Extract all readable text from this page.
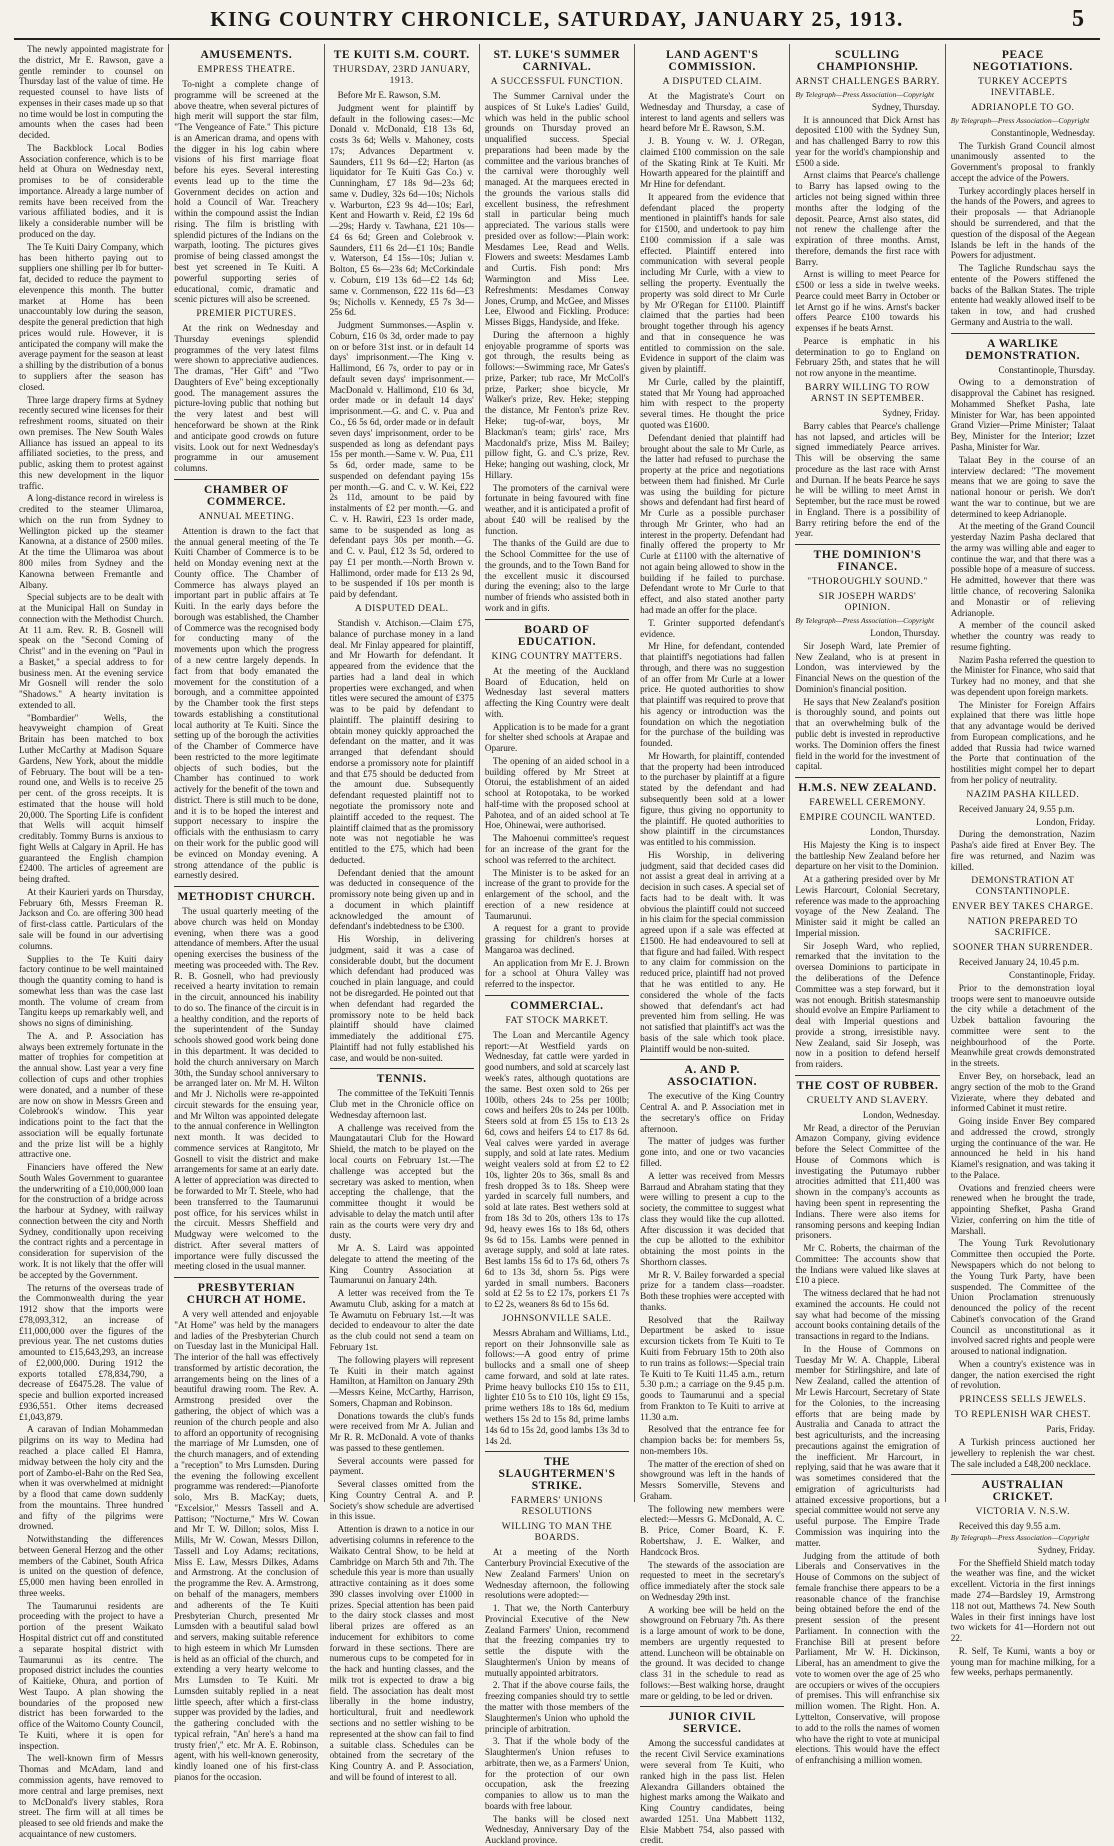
KING COUNTRY CHRONICLE, SATURDAY, JANUARY 25, 1913.	5

The newly appointed magistrate for the district, Mr E. Rawson, gave a gentle reminder to counsel on Thursday last of the value of time. He requested counsel to have lists of expenses in their cases made up so that no time would be lost in computing the amounts when the cases had been decided.

The Backblock Local Bodies Association conference, which is to be held at Ohura on Wednesday next, promises to be of considerable importance. Already a large number of remits have been received from the various affiliated bodies, and it is likely a considerable number will be produced on the day.

The Te Kuiti Dairy Company, which has been hitherto paying out to suppliers one shilling per lb for butter-fat, decided to reduce the payment to elevenpence this month. The butter market at Home has been unaccountably low during the season, despite the general prediction that high prices would rule. However, it is anticipated the company will make the average payment for the season at least a shilling by the distribution of a bonus to suppliers after the season has closed.

Three large drapery firms at Sydney recently secured wine licenses for their refreshment rooms, situated on their own premises. The New South Wales Alliance has issued an appeal to its affiliated societies, to the press, and public, asking them to protest against this new development in the liquor traffic.

A long-distance record in wireless is credited to the steamer Ulimaroa, which on the run from Sydney to Wellington picked up the steamer Kanowna, at a distance of 2500 miles. At the time the Ulimaroa was about 800 miles from Sydney and the Kanowna between Fremantle and Albany.

Special subjects are to be dealt with at the Municipal Hall on Sunday in connection with the Methodist Church. At 11 a.m. Rev. R. B. Gosnell will speak on the "Second Coming of Christ" and in the evening on "Paul in a Basket," a special address to for business men. At the evening service Mr Gosnell will render the solo "Shadows." A hearty invitation is extended to all.

"Bombardier" Wells, the heavyweight champion of Great Britain has been matched to box Luther McCarthy at Madison Square Gardens, New York, about the middle of February. The bout will be a ten-round one, and Wells is to receive 25 per cent. of the gross receipts. It is estimated that the house will hold 20,000. The Sporting Life is confident that Wells will acquit himself creditably. Tommy Burns is anxious to fight Wells at Calgary in April. He has guaranteed the English champion £2400. The articles of agreement are being drafted.

At their Kaurieri yards on Thursday, February 6th, Messrs Freeman R. Jackson and Co. are offering 300 head of first-class cattle. Particulars of the sale will be found in our advertising columns.

Supplies to the Te Kuiti dairy factory continue to be well maintained though the quantity coming to hand is somewhat less than was the case last month. The volume of cream from Tangitu keeps up remarkably well, and shows no signs of diminishing.

The A. and P. Association has always been extremely fortunate in the matter of trophies for competition at the annual show. Last year a very fine collection of cups and other trophies were donated, and a number of these are now on show in Messrs Green and Colebrook's window. This year indications point to the fact that the association will be equally fortunate and the prize list will be a highly attractive one.

Financiers have offered the New South Wales Government to guarantee the underwriting of a £10,000,000 loan for the construction of a bridge across the harbour at Sydney, with railway connection between the city and North Sydney, conditionally upon receiving the contract rights and a percentage in consideration for supervision of the work. It is not likely that the offer will be accepted by the Government.

The returns of the overseas trade of the Commonwealth during the year 1912 show that the imports were £78,093,312, an increase of £11,000,000 over the figures of the previous year. The net customs duties amounted to £15,643,293, an increase of £2,000,000. During 1912 the exports totalled £78,834,790, a decrease of £6475.28. The value of specie and bullion exported increased £936,551. Other items decreased £1,043,879.

A caravan of Indian Mohammedan pilgrims on its way to Medina had reached a place called El Hamra, midway between the holy city and the port of Zambo-el-Bahr on the Red Sea, when it was overwhelmed at midnight by a flood that came down suddenly from the mountains. Three hundred and fifty of the pilgrims were drowned.

Notwithstanding the differences between General Herzog and the other members of the Cabinet, South Africa is united on the question of defence, £5,000 men having been enrolled in three weeks.

The Taumarunui residents are proceeding with the project to have a portion of the present Waikato Hospital district cut off and constituted a separate hospital district with Taumarunui as its centre. The proposed district includes the counties of Kaitieke, Ohura, and portion of West Taupo. A plan showing the boundaries of the proposed new district has been forwarded to the office of the Waitomo County Council, Te Kuiti, where it is open for inspection.

The well-known firm of Messrs Thomas and McAdam, land and commission agents, have removed to more central and large premises, next to McDonald's livery stables, Rora street. The firm will at all times be pleased to see old friends and make the acquaintance of new customers.

AMUSEMENTS.
EMPRESS THEATRE.

To-night a complete change of programme will be screened at the above theatre, when several pictures of high merit will support the star film, "The Vengeance of Fate." This picture is an American drama, and opens with the digger in his log cabin where visions of his first marriage float before his eyes. Several interesting events lead up to the time the Government decides on action and hold a Council of War. Treachery within the compound assist the Indian rising. The film is bristling with splendid pictures of the Indians on the warpath, looting. The pictures gives promise of being classed amongst the best yet screened in Te Kuiti. A powerful supporting series of educational, comic, dramatic and scenic pictures will also be screened.

PREMIER PICTURES.

At the rink on Wednesday and Thursday evenings splendid programmes of the very latest films were shown to appreciative audiences. The dramas, "Her Gift" and "Two Daughters of Eve" being exceptionally good. The management assures the picture-loving public that nothing but the very latest and best will henceforward be shown at the Rink and anticipate good crowds on future visits. Look out for next Wednesday's programme in our amusement columns.

CHAMBER OF COMMERCE.
ANNUAL MEETING.

Attention is drawn to the fact that the annual general meeting of the Te Kuiti Chamber of Commerce is to be held on Monday evening next at the County office. The Chamber of Commerce has always played an important part in public affairs at Te Kuiti. In the early days before the borough was established, the Chamber of Commerce was the recognised body for conducting many of the movements upon which the progress of a new centre largely depends. In fact from that body emanated the movement for the constitution of a borough, and a committee appointed by the Chamber took the first steps towards establishing a constitutional local authority at Te Kuiti. Since the setting up of the borough the activities of the Chamber of Commerce have been restricted to the more legitimate objects of such bodies, but the Chamber has continued to work actively for the benefit of the town and district. There is still much to be done, and it is to be hoped the interest and support necessary to inspire the officials with the enthusiasm to carry on their work for the public good will be evinced on Monday evening. A strong attendance of the public is earnestly desired.

METHODIST CHURCH.

The usual quarterly meeting of the above church was held on Monday evening, when there was a good attendance of members. After the usual opening exercises the business of the meeting was proceeded with. The Rev. R. B. Gosnell, who had previously received a hearty invitation to remain in the circuit, announced his inability to do so. The finance of the circuit is in a healthy condition, and the reports of the superintendent of the Sunday schools showed good work being done in this department. It was decided to hold the church anniversary on March 30th, the Sunday school anniversary to be arranged later on. Mr M. H. Wilton and Mr J. Nicholls were re-appointed circuit stewards for the ensuing year, and Mr Wilton was appointed delegate to the annual conference in Wellington next month. It was decided to commence services at Rangitoto, Mr Gosnell to visit the district and make arrangements for same at an early date. A letter of appreciation was directed to be forwarded to Mr T. Steele, who had been transferred to the Taumarunui post office, for his services whilst in the circuit. Messrs Sheffield and Mudgway were welcomed to the district. After several matters of importance were fully discussed the meeting closed in the usual manner.

PRESBYTERIAN CHURCH AT HOME.

A very well attended and enjoyable "At Home" was held by the managers and ladies of the Presbyterian Church on Tuesday last in the Municipal Hall. The interior of the hall was effectively transformed by artistic decoration, the arrangements being on the lines of a beautiful drawing room. The Rev. A. Armstrong presided over the gathering, the object of which was a reunion of the church people and also to afford an opportunity of recognising the marriage of Mr Lumsden, one of the church managers, and of extending a "reception" to Mrs Lumsden. During the evening the following excellent programme was rendered:—Pianoforte solo, Mrs B. MacKay; duets, "Excelsior," Messrs Tassell and A. Pattison; "Nocturne," Mrs W. Cowan and Mr T. W. Dillon; solos, Miss I. Mills, Mr W. Cowan, Messrs Dillon, Tassell and Loy Adams; recitations, Miss E. Law, Messrs Dilkes, Adams and Armstrong. At the conclusion of the programme the Rev. A. Armstrong, on behalf of the managers, members and adherents of the Te Kuiti Presbyterian Church, presented Mr Lumsden with a beautiful salad bowl and servers, making suitable reference to high esteem in which Mr Lumsden is held as an official of the church, and extending a very hearty welcome to Mrs Lumsden to Te Kuiti. Mr Lumsden suitably replied in a neat little speech, after which a first-class supper was provided by the ladies, and the gathering concluded with the typical refrain, "An' here's a hand ma trusty frien'," etc. Mr A. E. Robinson, agent, with his well-known generosity, kindly loaned one of his first-class pianos for the occasion.

TE KUITI S.M. COURT.
THURSDAY, 23RD JANUARY, 1913.

Before Mr E. Rawson, S.M.

Judgment went for plaintiff by default in the following cases:—Mc Donald v. McDonald, £18 13s 6d, costs 3s 6d; Wells v. Mahoney, costs 17s; Advances Department v. Saunders, £11 9s 6d—£2; Harton (as liquidator for Te Kuiti Gas Co.) v. Cunningham, £7 18s 9d—23s 6d; same v. Dudley, 32s 6d—10s; Nichols v. Warburton, £23 9s 4d—10s; Earl, Kent and Howarth v. Reid, £2 19s 6d—29s; Hardy v. Tawhana, £21 10s—£4 6s 6d; Green and Colebrook v. Saunders, £11 6s 2d—£1 10s; Bandle v. Waterson, £4 15s—10s; Julian v. Bolton, £5 6s—23s 6d; McCorkindale v. Coburn, £19 13s 6d—£2 14s 6d; same v. Cornmenson, £22 11s 6d—£3 9s; Nicholls v. Kennedy, £5 7s 3d—25s 6d.

Judgment Summonses.—Asplin v. Coburn, £16 0s 3d, order made to pay on or before 31st inst. or in default 14 days' imprisonment.—The King v. Hallimond, £6 7s, order to pay or in default seven days' imprisonment.—MacDonald v. Hallimond, £10 6s 3d, order made or in default 14 days' imprisonment.—G. and C. v. Pua and Co., £6 5s 6d, order made or in default seven days' imprisonment, order to be suspended as long as defendant pays 15s per month.—Same v. W. Pua, £11 5s 6d, order made, same to be suspended on defendant paying 15s per month.—G. and C. v. W. Kei, £22 2s 11d, amount to be paid by instalments of £2 per month.—G. and C. v. H. Rawiri, £23 1s order made, same to be suspended as long as defendant pays 30s per month.—G. and C. v. Paul, £12 3s 5d, ordered to pay £1 per month.—North Brown v. Hallimond, order made for £13 2s 9d, to be suspended if 10s per month is paid by defendant.

A DISPUTED DEAL.

Standish v. Atchison.—Claim £75, balance of purchase money in a land deal. Mr Finlay appeared for plaintiff, and Mr Howarth for defendant. It appeared from the evidence that the parties had a land deal in which properties were exchanged, and when titles were secured the amount of £375 was to be paid by defendant to plaintiff. The plaintiff desiring to obtain money quickly approached the defendant on the matter, and it was arranged that defendant should endorse a promissory note for plaintiff and that £75 should be deducted from the amount due. Subsequently defendant requested plaintiff not to negotiate the promissory note and plaintiff acceded to the request. The plaintiff claimed that as the promissory note was not negotiable he was entitled to the £75, which had been deducted.

Defendant denied that the amount was deducted in consequence of the promissory note being given up and in a document in which plaintiff acknowledged the amount of defendant's indebtedness to be £300.

His Worship, in delivering judgment, said it was a case of considerable doubt, but the document which defendant had produced was couched in plain language, and could not be disregarded. He pointed out that when defendant had regarded the promissory note to be held back plaintiff should have claimed immediately the additional £75. Plaintiff had not fully established his case, and would be non-suited.

TENNIS.

The committee of the TeKuiti Tennis Club met in the Chronicle office on Wednesday afternoon last.

A challenge was received from the Maungatautari Club for the Howard Shield, the match to be played on the local courts on February 1st.—The challenge was accepted but the secretary was asked to mention, when accepting the challenge, that the committee thought it would be advisable to delay the match until after rain as the courts were very dry and dusty.

Mr A. S. Laird was appointed delegate to attend the meeting of the King Country Association at Taumarunui on January 24th.

A letter was received from the Te Awamutu Club, asking for a match at Te Awamutu on February 1st.—It was decided to endeavour to alter the date as the club could not send a team on February 1st.

The following players will represent Te Kuiti in their match against Hamilton, at Hamilton on January 29th—Messrs Keine, McCarthy, Harrison, Somers, Chapman and Robinson.

Donations towards the club's funds were received from Mr A. Julian and Mr R. R. McDonald. A vote of thanks was passed to these gentlemen.

Several accounts were passed for payment.

Several classes omitted from the King Country Central A. and P. Society's show schedule are advertised in this issue.

Attention is drawn to a notice in our advertising columns in reference to the Waikato Central Show, to be held at Cambridge on March 5th and 7th. The schedule this year is more than usually attractive containing as it does some 390 classes involving over £1000 in prizes. Special attention has been paid to the dairy stock classes and most liberal prizes are offered as an inducement for exhibitors to come forward in these sections. There are numerous cups to be competed for in the hack and hunting classes, and the milk trot is expected to draw a big field. The association has dealt most liberally in the home industry, horticultural, fruit and needlework sections and no settler wishing to be represented at the show can fail to find a suitable class. Schedules can be obtained from the secretary of the King Country A. and P. Association, and will be found of interest to all.

ST. LUKE'S SUMMER CARNIVAL.
A SUCCESSFUL FUNCTION.

The Summer Carnival under the auspices of St Luke's Ladies' Guild, which was held in the public school grounds on Thursday proved an unqualified success. Special preparations had been made by the committee and the various branches of the carnival were thoroughly well managed. At the marquees erected in the grounds the various stalls did excellent business, the refreshment stall in particular being much appreciated. The various stalls were presided over as follow:—Plain work: Mesdames Lee, Read and Wells. Flowers and sweets: Mesdames Lamb and Curtis. Fish pond: Mrs Warmington and Miss Lee. Refreshments: Mesdames Conway Jones, Crump, and McGee, and Misses Lee, Elwood and Fickling. Produce: Misses Biggs, Handyside, and Ifeke.

During the afternoon a highly enjoyable programme of sports was got through, the results being as follows:—Swimming race, Mr Gates's prize, Parker; tub race, Mr McColl's prize, Parker; shoe bicycle, Mr Walker's prize, Rev. Heke; stepping the distance, Mr Fenton's prize Rev. Heke; tug-of-war, boys, Mr Blackman's team; girls' race, Mrs Macdonald's prize, Miss M. Bailey; pillow fight, G. and C.'s prize, Rev. Heke; hanging out washing, clock, Mr Hillary.

The promoters of the carnival were fortunate in being favoured with fine weather, and it is anticipated a profit of about £40 will be realised by the function.

The thanks of the Guild are due to the School Committee for the use of the grounds, and to the Town Band for the excellent music it discoursed during the evening; also to the large number of friends who assisted both in work and in gifts.

BOARD OF EDUCATION.
KING COUNTRY MATTERS.

At the meeting of the Auckland Board of Education, held on Wednesday last several matters affecting the King Country were dealt with.

Application is to be made for a grant for shelter shed schools at Arapae and Oparure.

The opening of an aided school in a building offered by Mr Street at Otorui, the establishment of an aided school at Rotopotaka, to be worked half-time with the proposed school at Pahotea, and of an aided school at Te Hoe, Ohinewai, were authorised.

The Mahoenui committee's request for an increase of the grant for the school was referred to the architect.

The Minister is to be asked for an increase of the grant to provide for the enlargement of the school, and the erection of a new residence at Taumarunui.

A request for a grant to provide grassing for children's horses at Mangaroa was declined.

An application from Mr E. J. Brown for a school at Ohura Valley was referred to the inspector.

COMMERCIAL.
FAT STOCK MARKET.

The Loan and Mercantile Agency report:—At Westfield yards on Wednesday, fat cattle were yarded in good numbers, and sold at scarcely last week's rates, although quotations are the same. Best oxen sold to 26s per 100lb, others 24s to 25s per 100lb; cows and heifers 20s to 24s per 100lb. Steers sold at from £5 15s to £13 2s 6d, cows and heifers £4 to £17 8s 6d. Veal calves were yarded in average supply, and sold at late rates. Medium weight vealers sold at from £2 to £2 10s, lighter 20s to 36s, small 8s and fresh dropped 3s to 18s. Sheep were yarded in scarcely full numbers, and sold at late rates. Best wethers sold at from 18s 3d to 20s, others 13s to 17s 9d, heavy ewes 16s to 18s 6d, others 9s 6d to 15s. Lambs were penned in average supply, and sold at late rates. Best lambs 15s 6d to 17s 6d, others 7s 6d to 13s 3d, shorn 5s. Pigs were yarded in small numbers. Baconers sold at £2 5s to £2 17s, porkers £1 7s to £2 2s, weaners 8s 6d to 15s 6d.

JOHNSONVILLE SALE.

Messrs Abraham and Williams, Ltd., report on their Johnsonville sale as follows:—A good entry of prime bullocks and a small one of sheep came forward, and sold at late rates. Prime heavy bullocks £10 15s to £11, lighter £10 5s to £10 10s, light £9 15s, prime wethers 18s to 18s 6d, medium wethers 15s 2d to 15s 8d, prime lambs 14s 6d to 15s 2d, good lambs 13s 3d to 14s 2d.

THE SLAUGHTERMEN'S STRIKE.
FARMERS' UNIONS RESOLUTIONS
WILLING TO MAN THE BOARDS.

At a meeting of the North Canterbury Provincial Executive of the New Zealand Farmers' Union on Wednesday afternoon, the following resolutions were adopted:—

1. That we, the North Canterbury Provincial Executive of the New Zealand Farmers' Union, recommend that the freezing companies try to settle the dispute with the Slaughtermen's Union by means of mutually appointed arbitrators.

2. That if the above course fails, the freezing companies should try to settle the matter with those members of the Slaughtermen's Union who uphold the principle of arbitration.

3. That if the whole body of the Slaughtermen's Union refuses to arbitrate, then we, as a Farmers' Union, for the protection of our own occupation, ask the freezing companies to allow us to man the boards with free labour.

The banks will be closed next Wednesday, Anniversary Day of the Auckland province.

LAND AGENT'S COMMISSION.
A DISPUTED CLAIM.

At the Magistrate's Court on Wednesday and Thursday, a case of interest to land agents and sellers was heard before Mr E. Rawson, S.M.

J. B. Young v. W. J. O'Regan, claimed £100 commission on the sale of the Skating Rink at Te Kuiti. Mr Howarth appeared for the plaintiff and Mr Hine for defendant.

It appeared from the evidence that defendant placed the property mentioned in plaintiff's hands for sale for £1500, and undertook to pay him £100 commission if a sale was effected. Plaintiff entered into communication with several people including Mr Curle, with a view to selling the property. Eventually the property was sold direct to Mr Curle by Mr O'Regan for £1100. Plaintiff claimed that the parties had been brought together through his agency and that in consequence he was entitled to commission on the sale. Evidence in support of the claim was given by plaintiff.

Mr Curle, called by the plaintiff, stated that Mr Young had approached him with respect to the property several times. He thought the price quoted was £1600.

Defendant denied that plaintiff had brought about the sale to Mr Curle, as the latter had refused to purchase the property at the price and negotiations between them had finished. Mr Curle was using the building for picture shows and defendant had first heard of Mr Curle as a possible purchaser through Mr Grinter, who had an interest in the property. Defendant had finally offered the property to Mr Curle at £1100 with the alternative of not again being allowed to show in the building if he failed to purchase. Defendant wrote to Mr Curle to that effect, and also stated another party had made an offer for the place.

T. Grinter supported defendant's evidence.

Mr Hine, for defendant, contended that plaintiff's negotiations had fallen through, and there was no suggestion of an offer from Mr Curle at a lower price. He quoted authorities to show that plaintiff was required to prove that his agency or introduction was the foundation on which the negotiation for the purchase of the building was founded.

Mr Howarth, for plaintiff, contended that the property had been introduced to the purchaser by plaintiff at a figure stated by the defendant and had subsequently been sold at a lower figure, thus giving no opportunity to the plaintiff. He quoted authorities to show plaintiff in the circumstances was entitled to his commission.

His Worship, in delivering judgment, said that decided cases did not assist a great deal in arriving at a decision in such cases. A special set of facts had to be dealt with. It was obvious the plaintiff could not succeed in his claim for the special commission agreed upon if a sale was effected at £1500. He had endeavoured to sell at that figure and had failed. With respect to any claim for commission on the reduced price, plaintiff had not proved that he was entitled to any. He considered the whole of the facts showed that defendant's act had prevented him from selling. He was not satisfied that plaintiff's act was the basis of the sale which took place. Plaintiff would be non-suited.

A. AND P. ASSOCIATION.

The executive of the King Country Central A. and P. Association met in the secretary's office on Friday afternoon.

The matter of judges was further gone into, and one or two vacancies filled.

A letter was received from Messrs Barraud and Abraham stating that they were willing to present a cup to the society, the committee to suggest what class they would like the cup allotted. After discussion it was decided that the cup be allotted to the exhibitor obtaining the most points in the Shorthorn classes.

Mr R. V. Bailey forwarded a special prize for a tandem class—roadster. Both these trophies were accepted with thanks.

Resolved that the Railway Department be asked to issue excursion tickets from Te Kuiti to Te Kuiti from February 15th to 20th also to run trains as follows:—Special train Te Kuiti to Te Kuiti 11.45 a.m., return 5.30 p.m.; a carriage on the 9.45 p.m. goods to Taumarunui and a special from Frankton to Te Kuiti to arrive at 11.30 a.m.

Resolved that the entrance fee for champion backs be: for members 5s, non-members 10s.

The matter of the erection of shed on showground was left in the hands of Messrs Somerville, Stevens and Graham.

The following new members were elected:—Messrs G. McDonald, A. C. B. Price, Comer Board, K. F. Robertshaw, J. E. Walker, and Handcock Bros.

The stewards of the association are requested to meet in the secretary's office immediately after the stock sale on Wednesday 29th inst.

A working bee will be held on the showground on February 7th. As there is a large amount of work to be done, members are urgently requested to attend. Luncheon will be obtainable on the ground. It was decided to change class 31 in the schedule to read as follows:—Best walking horse, draught mare or gelding, to be led or driven.

JUNIOR CIVIL SERVICE.

Among the successful candidates at the recent Civil Service examinations were several from Te Kuiti, who ranked high in the pass list. Helen Alexandra Gillanders obtained the highest marks among the Waikato and King Country candidates, being awarded 1251. Una Mabbett 1132, Elsie Mabbett 754, also passed with credit.

SCULLING CHAMPIONSHIP.
ARNST CHALLENGES BARRY.

By Telegraph—Press Association—Copyright

Sydney, Thursday.

It is announced that Dick Arnst has deposited £100 with the Sydney Sun, and has challenged Barry to row this year for the world's championship and £500 a side.

Arnst claims that Pearce's challenge to Barry has lapsed owing to the articles not being signed within three months after the lodging of the deposit. Pearce, Arnst also states, did not renew the challenge after the expiration of three months. Arnst, therefore, demands the first race with Barry.

Arnst is willing to meet Pearce for £500 or less a side in twelve weeks. Pearce could meet Barry in October or let Arnst go if he wins. Arnst's backer offers Pearce £100 towards his expenses if he beats Arnst.

Pearce is emphatic in his determination to go to England on February 25th, and states that he will not row anyone in the meantime.

BARRY WILLING TO ROW ARNST IN SEPTEMBER.

Sydney, Friday.

Barry cables that Pearce's challenge has not lapsed, and articles will be signed immediately Pearce arrives. This will be observing the same procedure as the last race with Arnst and Durnan. If he beats Pearce he says he will be willing to meet Arnst in September, but the race must be rowed in England. There is a possibility of Barry retiring before the end of the year.

THE DOMINION'S FINANCE.
"THOROUGHLY SOUND."
SIR JOSEPH WARDS' OPINION.

By Telegraph—Press Association—Copyright

London, Thursday.

Sir Joseph Ward, late Premier of New Zealand, who is at present in London, was interviewed by the Financial News on the question of the Dominion's financial position.

He says that New Zealand's position is thoroughly sound, and points out that an overwhelming bulk of the public debt is invested in reproductive works. The Dominion offers the finest field in the world for the investment of capital.

H.M.S. NEW ZEALAND.
FAREWELL CEREMONY.
EMPIRE COUNCIL WANTED.

London, Thursday.

His Majesty the King is to inspect the battleship New Zealand before her departure on her visit to the Dominion.

At a gathering presided over by Mr Lewis Harcourt, Colonial Secretary, reference was made to the approaching voyage of the New Zealand. The Minister said it might be called an Imperial mission.

Sir Joseph Ward, who replied, remarked that the invitation to the oversea Dominions to participate in the deliberations of the Defence Committee was a step forward, but it was not enough. British statesmanship should evolve an Empire Parliament to deal with Imperial questions and provide a strong, irresistible navy. New Zealand, said Sir Joseph, was now in a position to defend herself from raiders.

THE COST OF RUBBER.
CRUELTY AND SLAVERY.

London, Wednesday.

Mr Read, a director of the Peruvian Amazon Company, giving evidence before the Select Committee of the House of Commons which is investigating the Putumayo rubber atrocities admitted that £11,400 was shown in the company's accounts as having been spent in representing the Indians. There were also items for ransoming persons and keeping Indian prisoners.

Mr C. Roberts, the chairman of the Committee: The accounts show that the Indians were valued like slaves at £10 a piece.

The witness declared that he had not examined the accounts. He could not say what had become of the missing account books containing details of the transactions in regard to the Indians.

In the House of Commons on Tuesday Mr W. A. Chapple, Liberal member for Stirlingshire, and late of New Zealand, called the attention of Mr Lewis Harcourt, Secretary of State for the Colonies, to the increasing efforts that are being made by Australia and Canada to attract the best agriculturists, and the increasing precautions against the emigration of the inefficient. Mr Harcourt, in replying, said that he was aware that it was sometimes considered that the emigration of agriculturists had attained excessive proportions, but a special committee would not serve any useful purpose. The Empire Trade Commission was inquiring into the matter.

Judging from the attitude of both Liberals and Conservatives in the House of Commons on the subject of female franchise there appears to be a reasonable chance of the franchise being obtained before the end of the present session of the present Parliament. In connection with the Franchise Bill at present before Parliament, Mr W. H. Dickinson, Liberal, has an amendment to give the vote to women over the age of 25 who are occupiers or wives of the occupiers of premises. This will enfranchise six million women. The Right. Hon. A. Lyttelton, Conservative, will propose to add to the rolls the names of women who have the right to vote at municipal elections. This would have the effect of enfranchising a million women.

PEACE NEGOTIATIONS.
TURKEY ACCEPTS INEVITABLE.
ADRIANOPLE TO GO.

By Telegraph—Press Association—Copyright

Constantinople, Wednesday.

The Turkish Grand Council almost unanimously assented to the Government's proposal to frankly accept the advice of the Powers.

Turkey accordingly places herself in the hands of the Powers, and agrees to their proposals — that Adrianople should be surrendered, and that the question of the disposal of the Aegean Islands be left in the hands of the Powers for adjustment.

The Tagliche Rundschau says the entente of the Powers stiffened the backs of the Balkan States. The triple entente had weakly allowed itself to be taken in tow, and had crushed Germany and Austria to the wall.

A WARLIKE DEMONSTRATION.

Constantinople, Thursday.

Owing to a demonstration of disapproval the Cabinet has resigned. Mohammed Shefket Pasha, late Minister for War, has been appointed Grand Vizier—Prime Minister; Talaat Bey, Minister for the Interior; Izzet Pasha, Minister for War.

Talaat Bey in the course of an interview declared: "The movement means that we are going to save the national honour or perish. We don't want the war to continue, but we are determined to keep Adrianople.

At the meeting of the Grand Council yesterday Nazim Pasha declared that the army was willing able and eager to continue the war, and that there was a possible hope of a measure of success. He admitted, however that there was little chance, of recovering Salonika and Monastir or of relieving Adrianople.

A member of the council asked whether the country was ready to resume fighting.

Nazim Pasha referred the question to the Minister for Finance, who said that Turkey had no money, and that she was dependent upon foreign markets.

The Minister for Foreign Affairs explained that there was little hope that any advantage would be derived from European complications, and he added that Russia had twice warned the Porte that continuation of the hostilities might compel her to depart from her policy of neutrality.

NAZIM PASHA KILLED.

Received January 24, 9.55 p.m.

London, Friday.

During the demonstration, Nazim Pasha's aide fired at Enver Bey. The fire was returned, and Nazim was killed.

DEMONSTRATION AT CONSTANTINOPLE.
ENVER BEY TAKES CHARGE.
NATION PREPARED TO SACRIFICE.
SOONER THAN SURRENDER.

Received January 24, 10.45 p.m.

Constantinople, Friday.

Prior to the demonstration loyal troops were sent to manoeuvre outside the city while a detachment of the Uzbek battalion favouring the committee were sent to the neighbourhood of the Porte. Meanwhile great crowds demonstrated in the streets.

Enver Bey, on horseback, lead an angry section of the mob to the Grand Vizierate, where they debated and informed Cabinet it must retire.

Going inside Enver Bey compared and addressed the crowd, strongly urging the continuance of the war. He announced he held in his hand Kiamel's resignation, and was taking it to the Palace.

Ovations and frenzied cheers were renewed when he brought the trade, appointing Shefket, Pasha Grand Vizier, conferring on him the title of Marshall.

The Young Turk Revolutionary Committee then occupied the Porte. Newspapers which do not belong to the Young Turk Party, have been suspended. The Committee of the Union Proclamation strenuously denounced the policy of the recent Cabinet's convocation of the Grand Council as unconstitutional as it involved sacred rights and people were aroused to national indignation.

When a country's existence was in danger, the nation exercised the right of revolution.

PRINCESS SELLS JEWELS.
TO REPLENISH WAR CHEST.

Paris, Friday.

A Turkish princess auctioned her jewellery to replenish the war chest. The sale included a £48,200 necklace.

AUSTRALIAN CRICKET.
VICTORIA V. N.S.W.

Received this day 9.55 a.m.

By Telegraph—Press Association—Copyright

Sydney, Friday.

For the Sheffield Shield match today the weather was fine, and the wicket excellent. Victoria in the first innings made 274—Bardsley 19, Armstrong 118 not out, Matthews 74. New South Wales in their first innings have lost two wickets for 41—Hordern not out 22.

R. Self, Te Kumi, wants a boy or young man for machine milking, for a few weeks, perhaps permanently.
